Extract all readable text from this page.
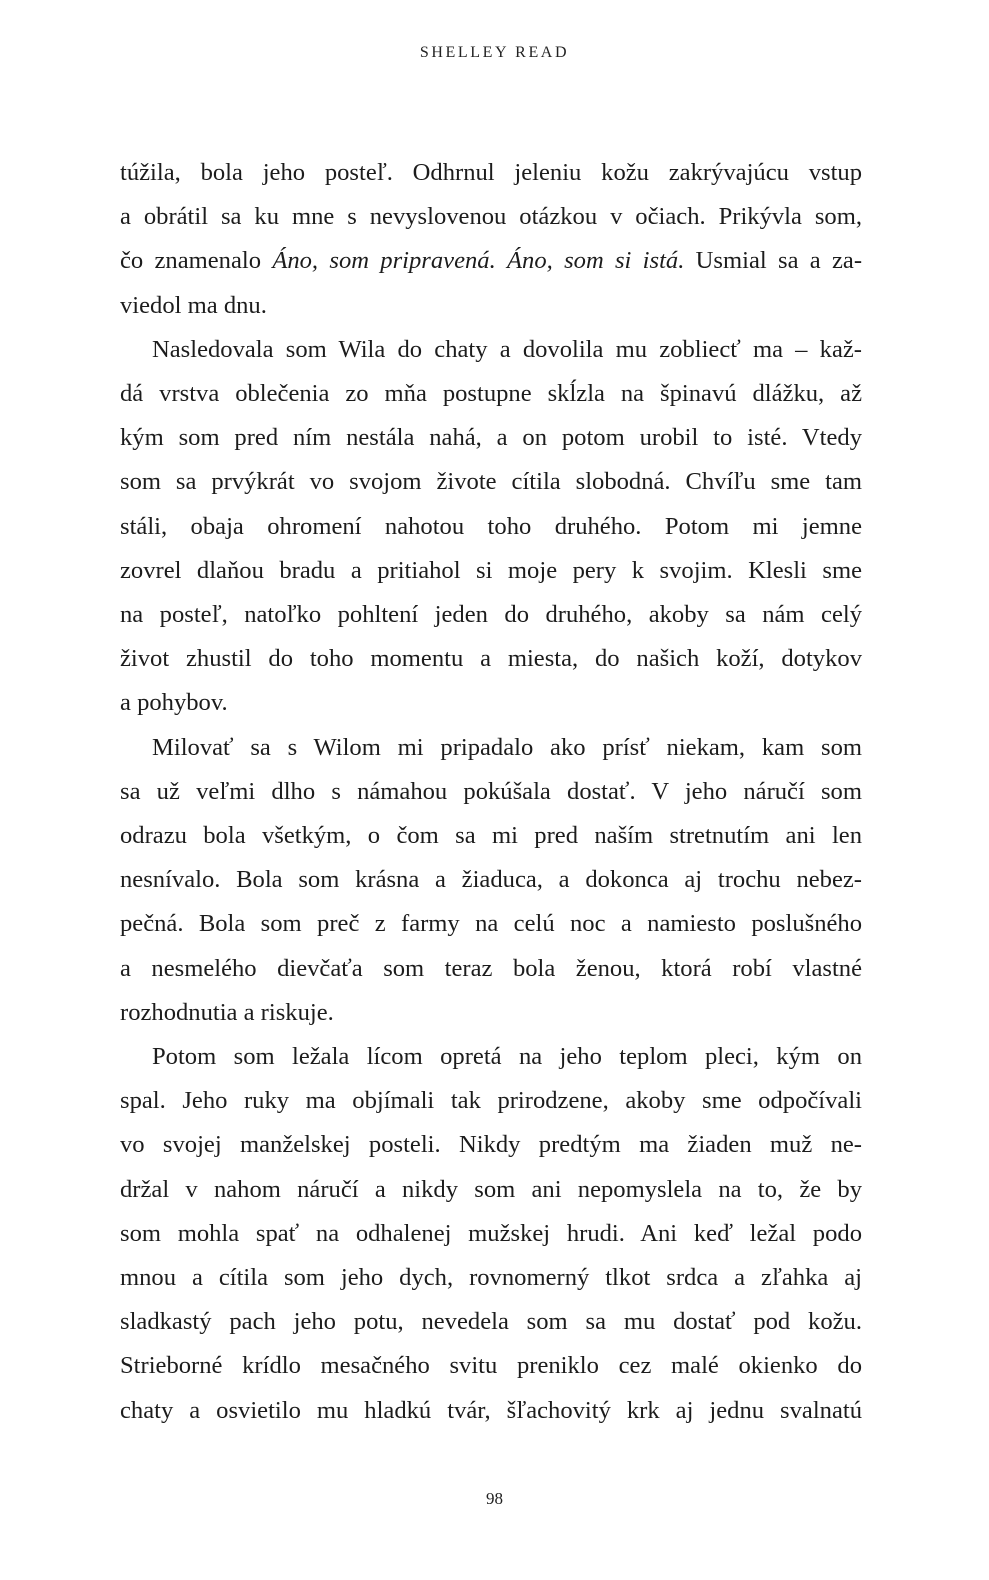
SHELLEY READ

túžila, bola jeho posteľ. Odhrnul jeleniu kožu zakrývajúcu vstup
a obrátil sa ku mne s nevyslovenou otázkou v očiach. Prikývla som,
čo znamenalo Áno, som pripravená. Áno, som si istá. Usmial sa a za-
viedol ma dnu.

Nasledovala som Wila do chaty a dovolila mu zobliecť ma – kaž-
dá vrstva oblečenia zo mňa postupne skĺzla na špinavú dlážku, až
kým som pred ním nestála nahá, a on potom urobil to isté. Vtedy
som sa prvýkrát vo svojom živote cítila slobodná. Chvíľu sme tam
stáli, obaja ohromení nahotou toho druhého. Potom mi jemne
zovrel dlaňou bradu a pritiahol si moje pery k svojim. Klesli sme
na posteľ, natoľko pohltení jeden do druhého, akoby sa nám celý
život zhustil do toho momentu a miesta, do našich koží, dotykov
a pohybov.

Milovať sa s Wilom mi pripadalo ako prísť niekam, kam som
sa už veľmi dlho s námahou pokúšala dostať. V jeho náručí som
odrazu bola všetkým, o čom sa mi pred naším stretnutím ani len
nesnívalo. Bola som krásna a žiaduca, a dokonca aj trochu nebez-
pečná. Bola som preč z farmy na celú noc a namiesto poslušného
a nesmelého dievčaťa som teraz bola ženou, ktorá robí vlastné
rozhodnutia a riskuje.

Potom som ležala lícom opretá na jeho teplom pleci, kým on
spal. Jeho ruky ma objímali tak prirodzene, akoby sme odpočívali
vo svojej manželskej posteli. Nikdy predtým ma žiaden muž ne-
držal v nahom náručí a nikdy som ani nepomyslela na to, že by
som mohla spať na odhalenej mužskej hrudi. Ani keď ležal podo
mnou a cítila som jeho dych, rovnomerný tlkot srdca a zľahka aj
sladkastý pach jeho potu, nevedela som sa mu dostať pod kožu.
Strieborné krídlo mesačného svitu preniklo cez malé okienko do
chaty a osvietilo mu hladkú tvár, šľachovitý krk aj jednu svalnatú

98
